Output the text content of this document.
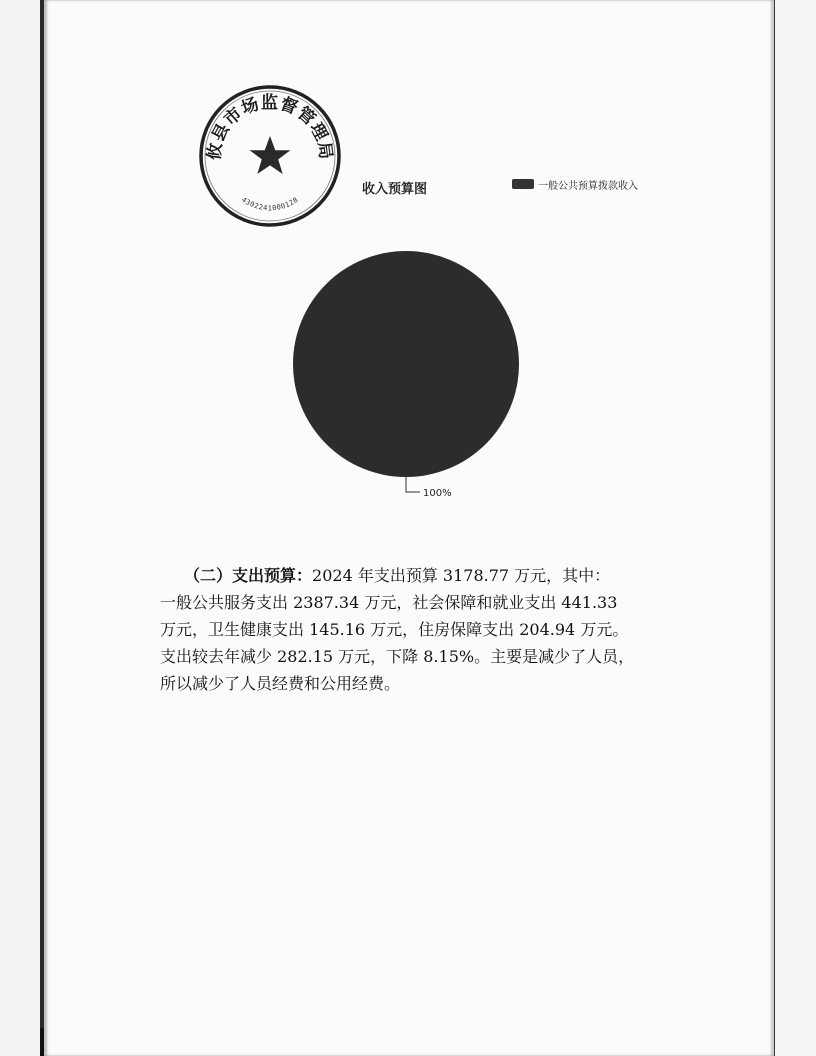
攸县市场监督管理局
4302241000128
收入预算图	一般公共预算拨款收入
100%

　　（二）支出预算：2024 年支出预算 3178.77 万元，其中：
一般公共服务支出 2387.34 万元，社会保障和就业支出 441.33
万元，卫生健康支出 145.16 万元，住房保障支出 204.94 万元。
支出较去年减少 282.15 万元，下降 8.15%。主要是减少了人员，
所以减少了人员经费和公用经费。
